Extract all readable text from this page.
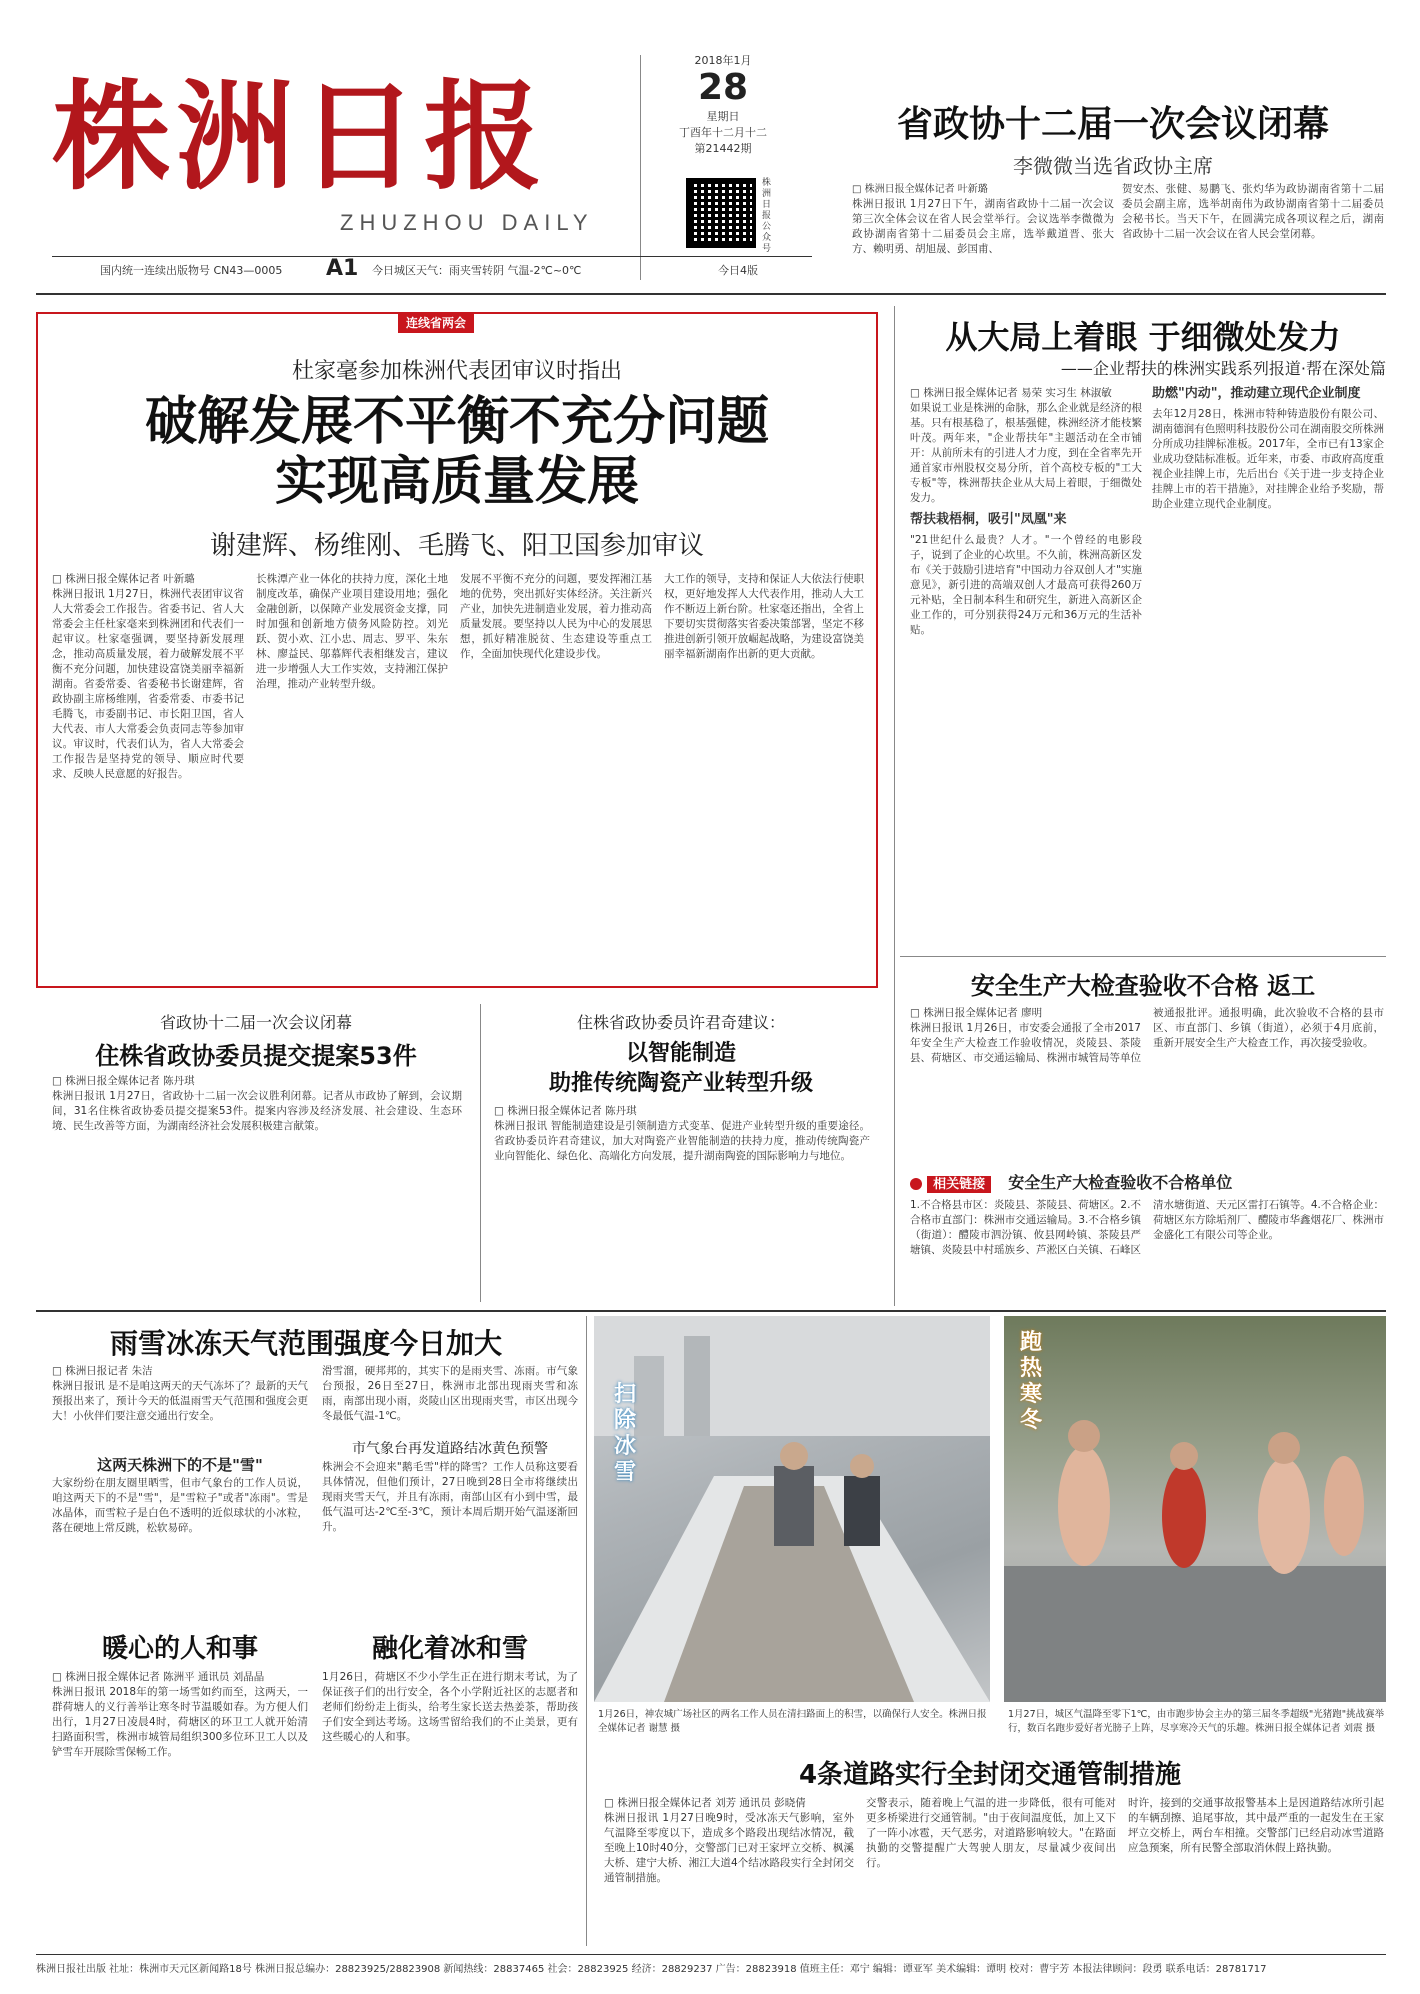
株洲日报
ZHUZHOU DAILY
2018年1月
28
星期日
丁酉年十二月十二
第21442期
株洲日报公众号
国内统一连续出版物号 CN43—0005 A1 今日城区天气：雨夹雪转阴 气温-2℃~0℃	今日4版
省政协十二届一次会议闭幕
李微微当选省政协主席
□ 株洲日报全媒体记者 叶新璐
株洲日报讯 1月27日下午，湖南省政协十二届一次会议第三次全体会议在省人民会堂举行。会议选举李微微为政协湖南省第十二届委员会主席，选举戴道晋、张大方、赖明勇、胡旭晟、彭国甫、
贺安杰、张健、易鹏飞、张灼华为政协湖南省第十二届委员会副主席，选举胡南伟为政协湖南省第十二届委员会秘书长。当天下午，在圆满完成各项议程之后，湖南省政协十二届一次会议在省人民会堂闭幕。
连线省两会
杜家毫参加株洲代表团审议时指出
破解发展不平衡不充分问题
实现高质量发展
谢建辉、杨维刚、毛腾飞、阳卫国参加审议
□ 株洲日报全媒体记者 叶新璐
株洲日报讯 1月27日，株洲代表团审议省人大常委会工作报告。省委书记、省人大常委会主任杜家毫来到株洲团和代表们一起审议。杜家毫强调，要坚持新发展理念，推动高质量发展，着力破解发展不平衡不充分问题，加快建设富饶美丽幸福新湖南。省委常委、省委秘书长谢建辉，省政协副主席杨维刚，省委常委、市委书记毛腾飞，市委副书记、市长阳卫国，省人大代表、市人大常委会负责同志等参加审议。审议时，代表们认为，省人大常委会工作报告是坚持党的领导、顺应时代要求、反映人民意愿的好报告。
长株潭产业一体化的扶持力度，深化土地制度改革，确保产业项目建设用地；强化金融创新，以保障产业发展资金支撑，同时加强和创新地方债务风险防控。刘光跃、贺小欢、江小忠、周志、罗平、朱东林、廖益民、邬慕辉代表相继发言，建议进一步增强人大工作实效，支持湘江保护治理，推动产业转型升级。
发展不平衡不充分的问题，要发挥湘江基地的优势，突出抓好实体经济。关注新兴产业，加快先进制造业发展，着力推动高质量发展。要坚持以人民为中心的发展思想，抓好精准脱贫、生态建设等重点工作，全面加快现代化建设步伐。
大工作的领导，支持和保证人大依法行使职权，更好地发挥人大代表作用，推动人大工作不断迈上新台阶。杜家毫还指出，全省上下要切实贯彻落实省委决策部署，坚定不移推进创新引领开放崛起战略，为建设富饶美丽幸福新湖南作出新的更大贡献。
省政协十二届一次会议闭幕
住株省政协委员提交提案53件
□ 株洲日报全媒体记者 陈丹琪
株洲日报讯 1月27日，省政协十二届一次会议胜利闭幕。记者从市政协了解到，会议期间，31名住株省政协委员提交提案53件。提案内容涉及经济发展、社会建设、生态环境、民生改善等方面，为湖南经济社会发展积极建言献策。
住株省政协委员许君奇建议：
以智能制造
助推传统陶瓷产业转型升级
□ 株洲日报全媒体记者 陈丹琪
株洲日报讯 智能制造建设是引领制造方式变革、促进产业转型升级的重要途径。省政协委员许君奇建议，加大对陶瓷产业智能制造的扶持力度，推动传统陶瓷产业向智能化、绿色化、高端化方向发展，提升湖南陶瓷的国际影响力与地位。
从大局上着眼 于细微处发力
——企业帮扶的株洲实践系列报道·帮在深处篇
□ 株洲日报全媒体记者 易荣 实习生 林淑敏
如果说工业是株洲的命脉，那么企业就是经济的根基。只有根基稳了，根基强健，株洲经济才能枝繁叶茂。两年来，"企业帮扶年"主题活动在全市铺开：从前所未有的引进人才力度，到在全省率先开通首家市州股权交易分所，首个高校专板的"工大专板"等，株洲帮扶企业从大局上着眼，于细微处发力。
帮扶栽梧桐，吸引"凤凰"来
"21世纪什么最贵？人才。"一个曾经的电影段子，说到了企业的心坎里。不久前，株洲高新区发布《关于鼓励引进培育"中国动力谷双创人才"实施意见》，新引进的高端双创人才最高可获得260万元补贴，全日制本科生和研究生，新进入高新区企业工作的，可分别获得24万元和36万元的生活补贴。
助燃"内动"，推动建立现代企业制度
去年12月28日，株洲市特种铸造股份有限公司、湖南德润有色照明科技股份公司在湖南股交所株洲分所成功挂牌标准板。2017年，全市已有13家企业成功登陆标准板。近年来，市委、市政府高度重视企业挂牌上市，先后出台《关于进一步支持企业挂牌上市的若干措施》，对挂牌企业给予奖励，帮助企业建立现代企业制度。
安全生产大检查验收不合格 返工
□ 株洲日报全媒体记者 廖明
株洲日报讯 1月26日，市安委会通报了全市2017年安全生产大检查工作验收情况，炎陵县、茶陵县、荷塘区、市交通运输局、株洲市城管局等单位被通报批评。通报明确，此次验收不合格的县市区、市直部门、乡镇（街道），必须于4月底前，重新开展安全生产大检查工作，再次接受验收。
相关链接 安全生产大检查验收不合格单位
1.不合格县市区：炎陵县、茶陵县、荷塘区。2.不合格市直部门：株洲市交通运输局。3.不合格乡镇（街道）：醴陵市泗汾镇、攸县网岭镇、茶陵县严塘镇、炎陵县中村瑶族乡、芦淞区白关镇、石峰区清水塘街道、天元区雷打石镇等。4.不合格企业：荷塘区东方除垢剂厂、醴陵市华鑫烟花厂、株洲市金盛化工有限公司等企业。
雨雪冰冻天气范围强度今日加大
□ 株洲日报记者 朱洁
株洲日报讯 是不是咱这两天的天气冻坏了？最新的天气预报出来了，预计今天的低温雨雪天气范围和强度会更大！小伙伴们要注意交通出行安全。
这两天株洲下的不是"雪"
大家纷纷在朋友圈里晒雪，但市气象台的工作人员说，咱这两天下的不是"雪"，是"雪粒子"或者"冻雨"。雪是冰晶体，而雪粒子是白色不透明的近似球状的小冰粒，落在硬地上常反跳，松软易碎。
滑雪溜，硬邦邦的，其实下的是雨夹雪、冻雨。市气象台预报，26日至27日，株洲市北部出现雨夹雪和冻雨，南部出现小雨，炎陵山区出现雨夹雪，市区出现今冬最低气温-1℃。
市气象台再发道路结冰黄色预警
株洲会不会迎来"鹅毛雪"样的降雪？工作人员称这要看具体情况，但他们预计，27日晚到28日全市将继续出现雨夹雪天气，并且有冻雨，南部山区有小到中雪，最低气温可达-2℃至-3℃，预计本周后期开始气温逐渐回升。
扫除冰雪
1月26日，神农城广场社区的两名工作人员在清扫路面上的积雪，以确保行人安全。株洲日报全媒体记者 谢慧 摄
跑热寒冬
1月27日，城区气温降至零下1℃，由市跑步协会主办的第三届冬季超级"光猪跑"挑战赛举行，数百名跑步爱好者光膀子上阵，尽享寒冷天气的乐趣。株洲日报全媒体记者 刘震 摄
暖心的人和事	融化着冰和雪
□ 株洲日报全媒体记者 陈洲平 通讯员 刘晶晶
株洲日报讯 2018年的第一场雪如约而至，这两天，一群荷塘人的义行善举让寒冬时节温暖如春。为方便人们出行，1月27日凌晨4时，荷塘区的环卫工人就开始清扫路面积雪，株洲市城管局组织300多位环卫工人以及铲雪车开展除雪保畅工作。
1月26日，荷塘区不少小学生正在进行期末考试，为了保证孩子们的出行安全，各个小学附近社区的志愿者和老师们纷纷走上街头，给考生家长送去热姜茶，帮助孩子们安全到达考场。这场雪留给我们的不止美景，更有这些暖心的人和事。
4条道路实行全封闭交通管制措施
□ 株洲日报全媒体记者 刘芳 通讯员 彭晓倩
株洲日报讯 1月27日晚9时，受冰冻天气影响，室外气温降至零度以下，造成多个路段出现结冰情况，截至晚上10时40分，交警部门已对王家坪立交桥、枫溪大桥、建宁大桥、湘江大道4个结冰路段实行全封闭交通管制措施。
交警表示，随着晚上气温的进一步降低，很有可能对更多桥梁进行交通管制。"由于夜间温度低，加上又下了一阵小冰雹，天气恶劣，对道路影响较大。"在路面执勤的交警提醒广大驾驶人朋友，尽量减少夜间出行。
时许，接到的交通事故报警基本上是因道路结冰所引起的车辆刮擦、追尾事故，其中最严重的一起发生在王家坪立交桥上，两台车相撞。交警部门已经启动冰雪道路应急预案，所有民警全部取消休假上路执勤。
株洲日报社出版 社址：株洲市天元区新闻路18号 株洲日报总编办：28823925/28823908 新闻热线：28837465 社会：28823925 经济：28829237 广告：28823918 值班主任：邓宁 编辑：谭亚军 美术编辑：谭明 校对：曹宇芳 本报法律顾问：段勇 联系电话：28781717
